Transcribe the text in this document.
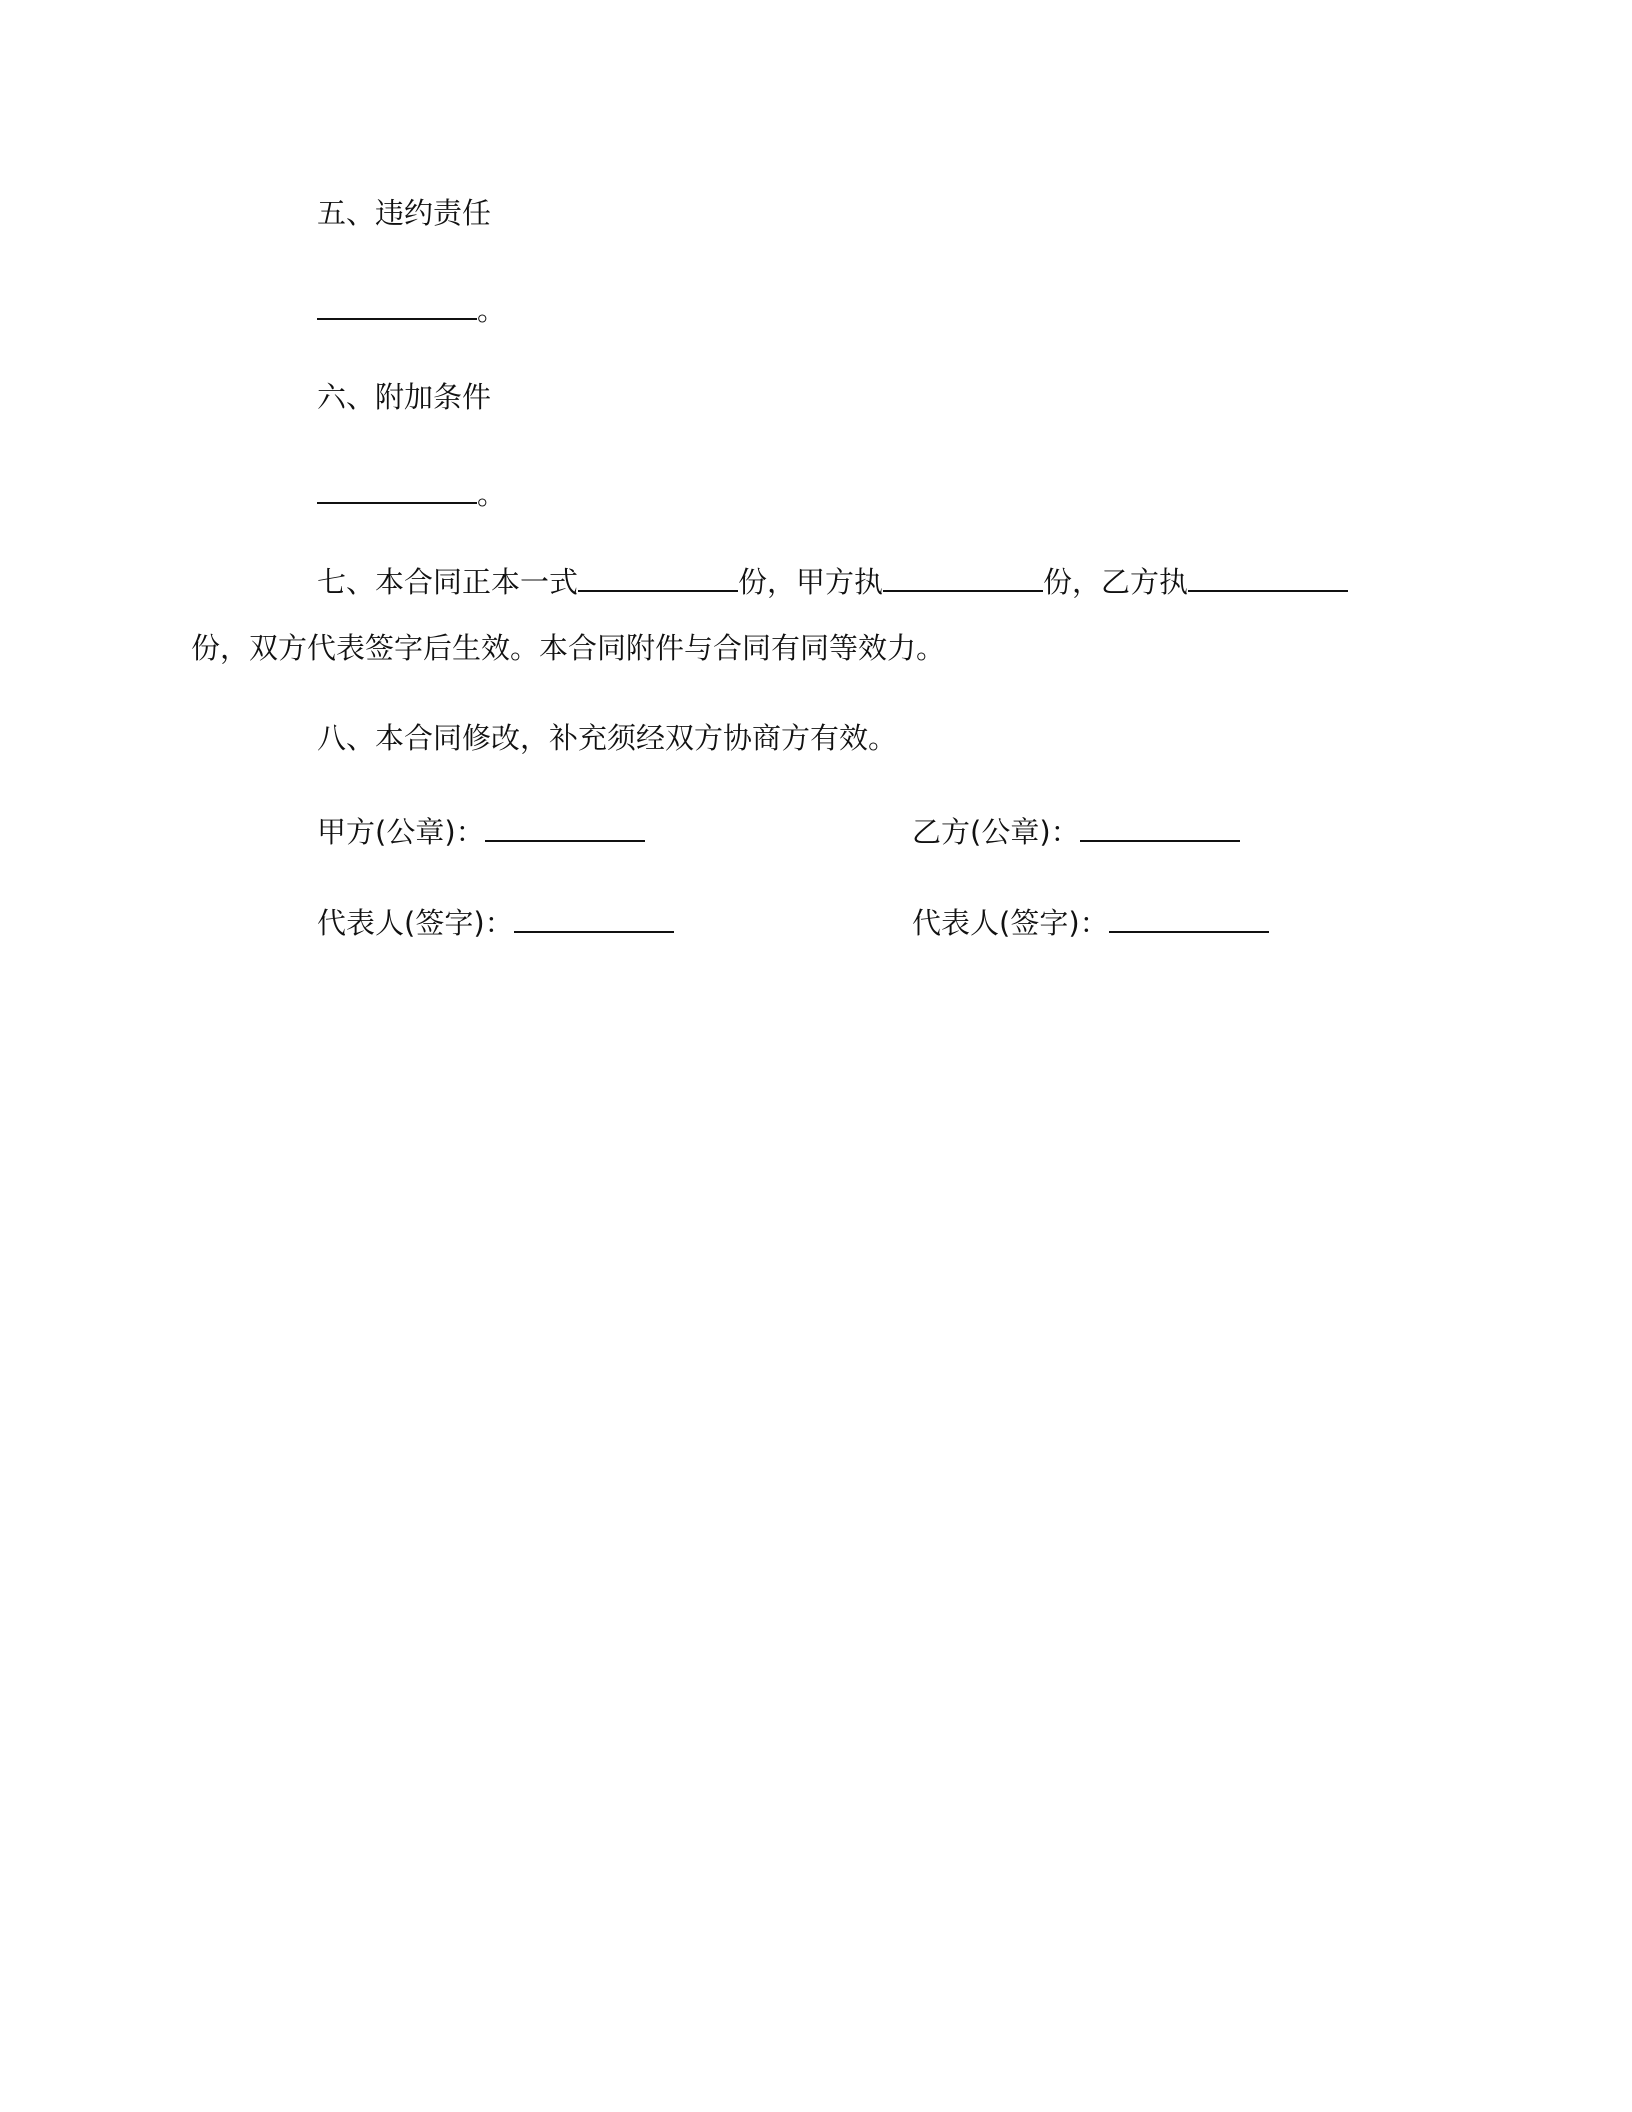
五、违约责任
。
六、附加条件
。
七、本合同正本一式	份，甲方执	份，乙方执
份，双方代表签字后生效。本合同附件与合同有同等效力。
八、本合同修改，补充须经双方协商方有效。
甲方(公章)：	乙方(公章)：
代表人(签字)：	代表人(签字)：
